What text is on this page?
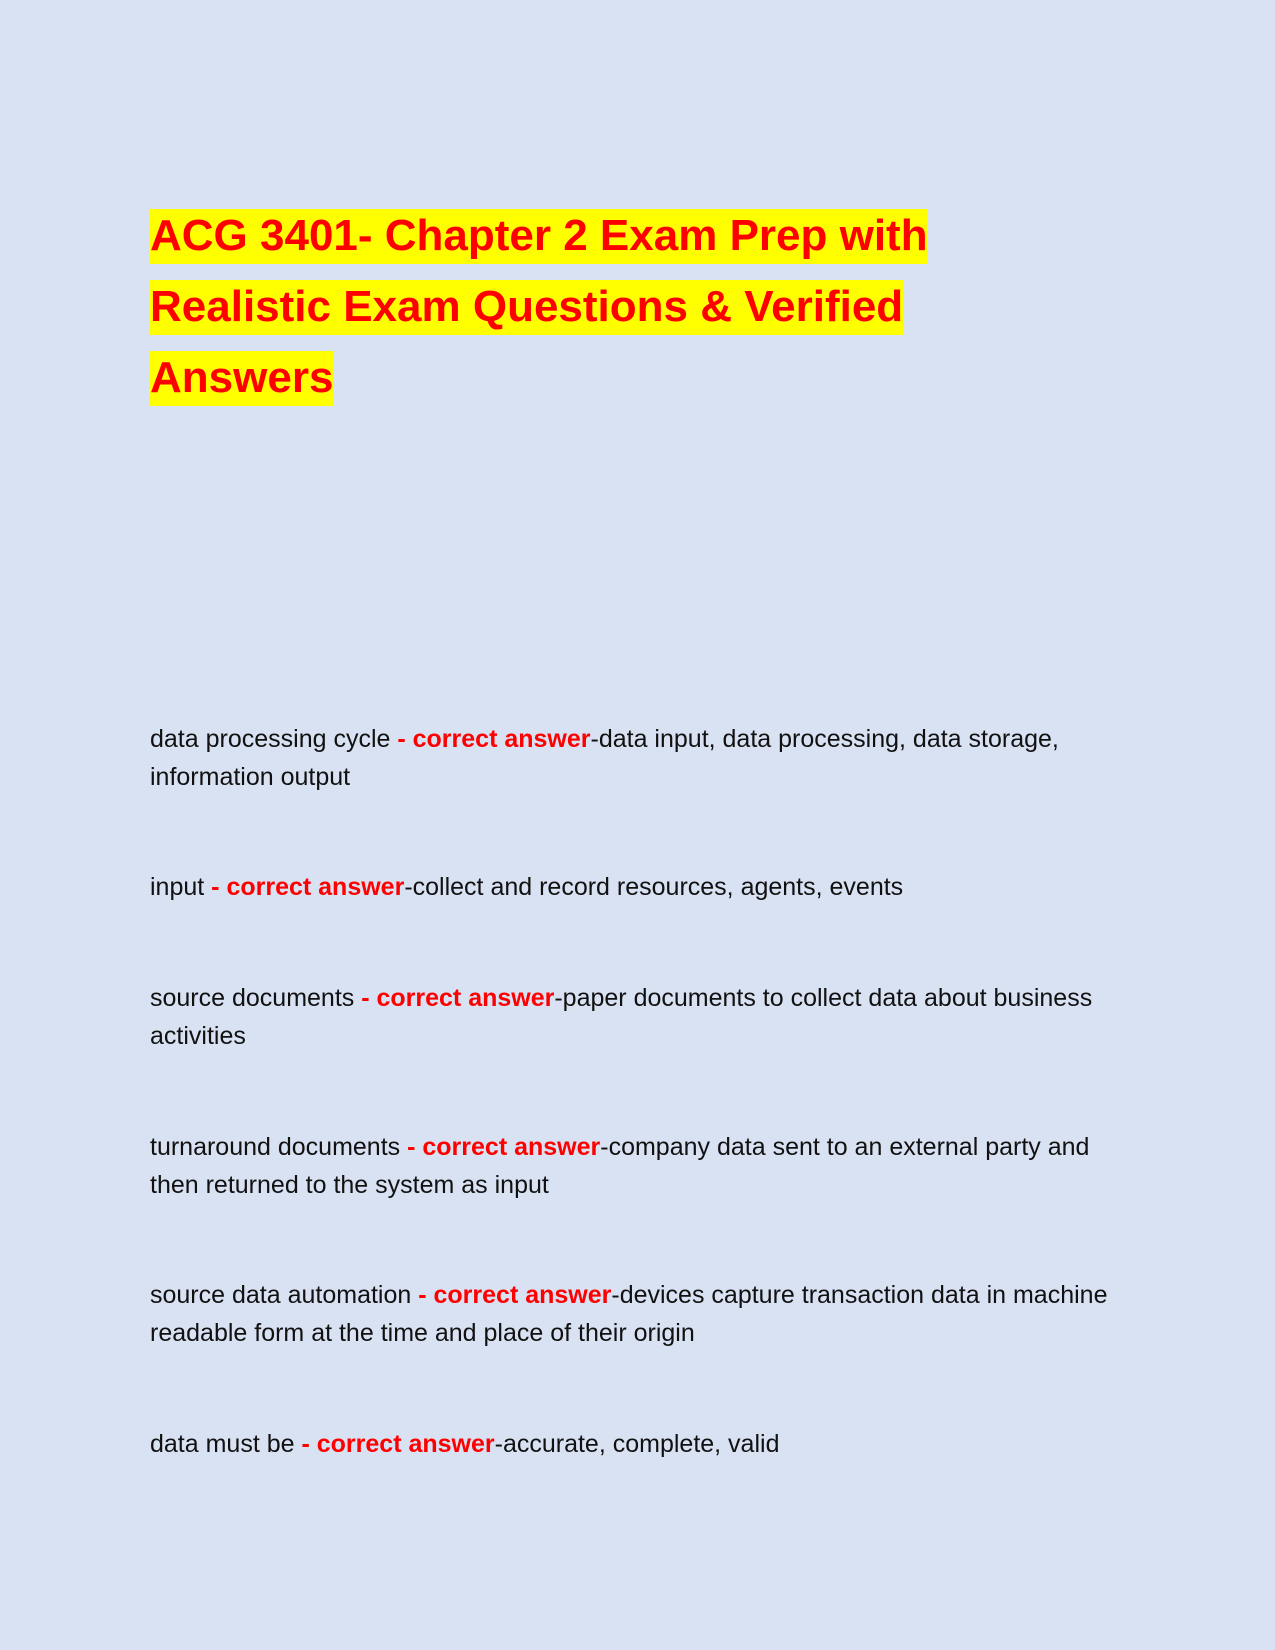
ACG 3401- Chapter 2 Exam Prep with Realistic Exam Questions & Verified Answers

data processing cycle - correct answer-data input, data processing, data storage, information output

input - correct answer-collect and record resources, agents, events

source documents - correct answer-paper documents to collect data about business activities

turnaround documents - correct answer-company data sent to an external party and then returned to the system as input

source data automation - correct answer-devices capture transaction data in machine readable form at the time and place of their origin

data must be - correct answer-accurate, complete, valid
